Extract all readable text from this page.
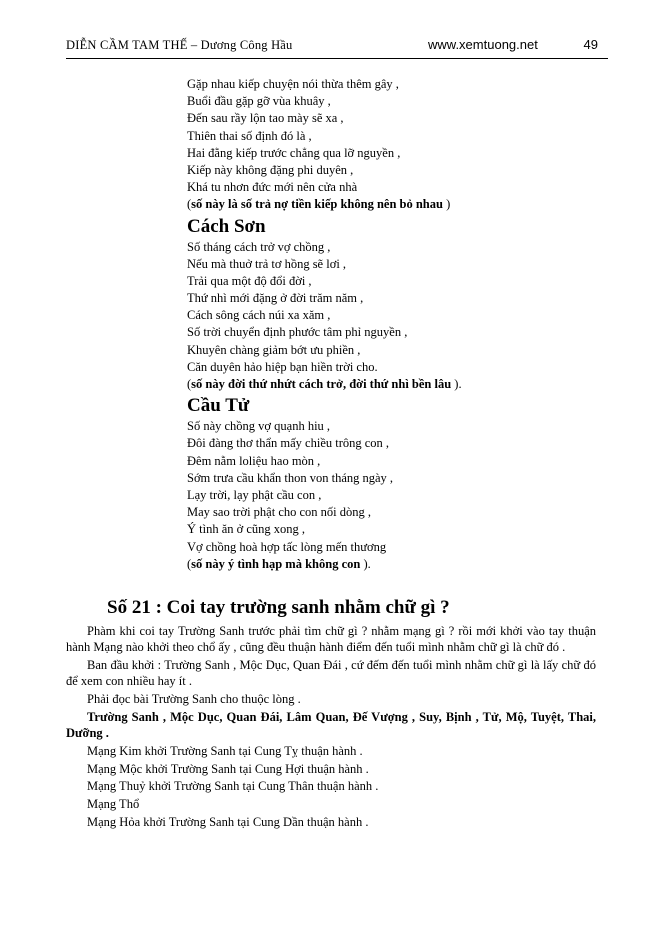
DIỄN CẦM TAM THẾ – Dương Công Hầu	www.xemtuong.net	49
Gặp nhau kiếp chuyện nói thừa thêm gây ,
Buổi đầu gặp gỡ vùa khuây ,
Đến sau rầy lộn tao mày sẽ xa ,
Thiên thai số định đó là ,
Hai đằng kiếp trước chẳng qua lỡ nguyền ,
Kiếp này không đặng phi duyên ,
Khá tu nhơn đức mới nên cửa nhà
(số này là số trả nợ tiền kiếp không nên bỏ nhau )
Cách Sơn
Số tháng cách trở vợ chồng ,
Nếu mà thuở trả tơ hồng sẽ lơi ,
Trải qua một độ đổi đời ,
Thứ nhì mới đặng ở đời trăm năm ,
Cách sông cách núi xa xăm ,
Số trời chuyển định phước tâm phỉ nguyền ,
Khuyên chàng giảm bớt ưu phiền ,
Căn duyên hảo hiệp bạn hiền trời cho.
(số này đời thứ nhứt cách trở, đời thứ nhì bền lâu ).
Cầu Tử
Số này chồng vợ quạnh hiu ,
Đôi đàng thơ thẩn mấy chiều trông con ,
Đêm nằm loliệu hao mòn ,
Sớm trưa cầu khẩn thon von tháng ngày ,
Lạy trời, lạy phật cầu con ,
May sao trời phật cho con nối dòng ,
Ý tình ăn ở cũng xong ,
Vợ chồng hoà hợp tấc lòng mến thương
(số này ý tình hạp mà không con ).
Số 21 : Coi tay trường sanh nhằm chữ gì ?

Phàm khi coi tay Trường Sanh trước phải tìm chữ gì ? nhằm mạng gì ? rồi mới khởi vào tay thuận hành Mạng nào khởi theo chổ ấy , cũng đều thuận hành điểm đến tuổi mình nhằm chữ gì là chữ đó .

Ban đầu khởi : Trường Sanh , Mộc Dục, Quan Đái , cứ đếm đến tuổi mình nhằm chữ gì là lấy chữ đó để xem con nhiều hay ít .

Phải đọc bài Trường Sanh cho thuộc lòng .

Trường Sanh , Mộc Dục, Quan Đái, Lâm Quan, Đế Vượng , Suy, Bịnh , Tử, Mộ, Tuyệt, Thai, Dưỡng .

Mạng Kim khởi Trường Sanh tại Cung Tỵ thuận hành .

Mạng Mộc khởi Trường Sanh tại Cung Hợi thuận hành .

Mạng Thuỷ khởi Trường Sanh tại Cung Thân thuận hành .

Mạng Thổ

Mạng Hỏa khởi Trường Sanh tại Cung Dần thuận hành .
